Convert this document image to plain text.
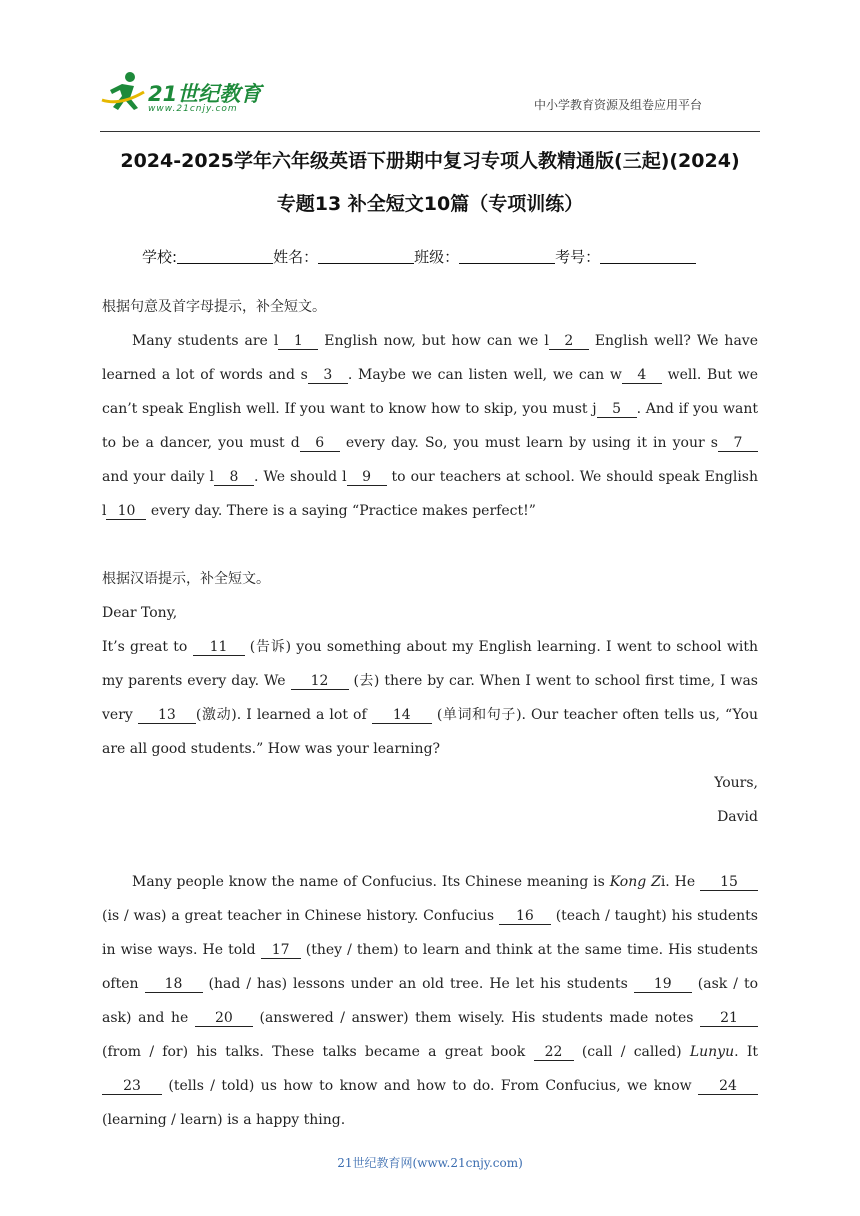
21世纪教育
www.21cnjy.com	中小学教育资源及组卷应用平台
2024-2025学年六年级英语下册期中复习专项人教精通版(三起)(2024)
专题13 补全短文10篇（专项训练）
学校:	姓名：	班级：	考号：
根据句意及首字母提示，补全短文。
Many students are l 1 English now, but how can we l 2 English well? We have learned a lot of words and s 3 . Maybe we can listen well, we can w 4 well. But we can’t speak English well. If you want to know how to skip, you must j 5 . And if you want to be a dancer, you must d 6 every day. So, you must learn by using it in your s 7 and your daily l 8 . We should l 9 to our teachers at school. We should speak English l 10 every day. There is a saying “Practice makes perfect!”
根据汉语提示，补全短文。
Dear Tony,
It’s great to 11 (告诉) you something about my English learning. I went to school with my parents every day. We 12 (去) there by car. When I went to school first time, I was very 13 (激动). I learned a lot of 14 (单词和句子). Our teacher often tells us, “You are all good students.” How was your learning?
Yours,
David
Many people know the name of Confucius. Its Chinese meaning is Kong Zi. He 15 (is / was) a great teacher in Chinese history. Confucius 16 (teach / taught) his students in wise ways. He told 17 (they / them) to learn and think at the same time. His students often 18 (had / has) lessons under an old tree. He let his students 19 (ask / to ask) and he 20 (answered / answer) them wisely. His students made notes 21 (from / for) his talks. These talks became a great book 22 (call / called) Lunyu. It 23 (tells / told) us how to know and how to do. From Confucius, we know 24 (learning / learn) is a happy thing.
21世纪教育网(www.21cnjy.com)
